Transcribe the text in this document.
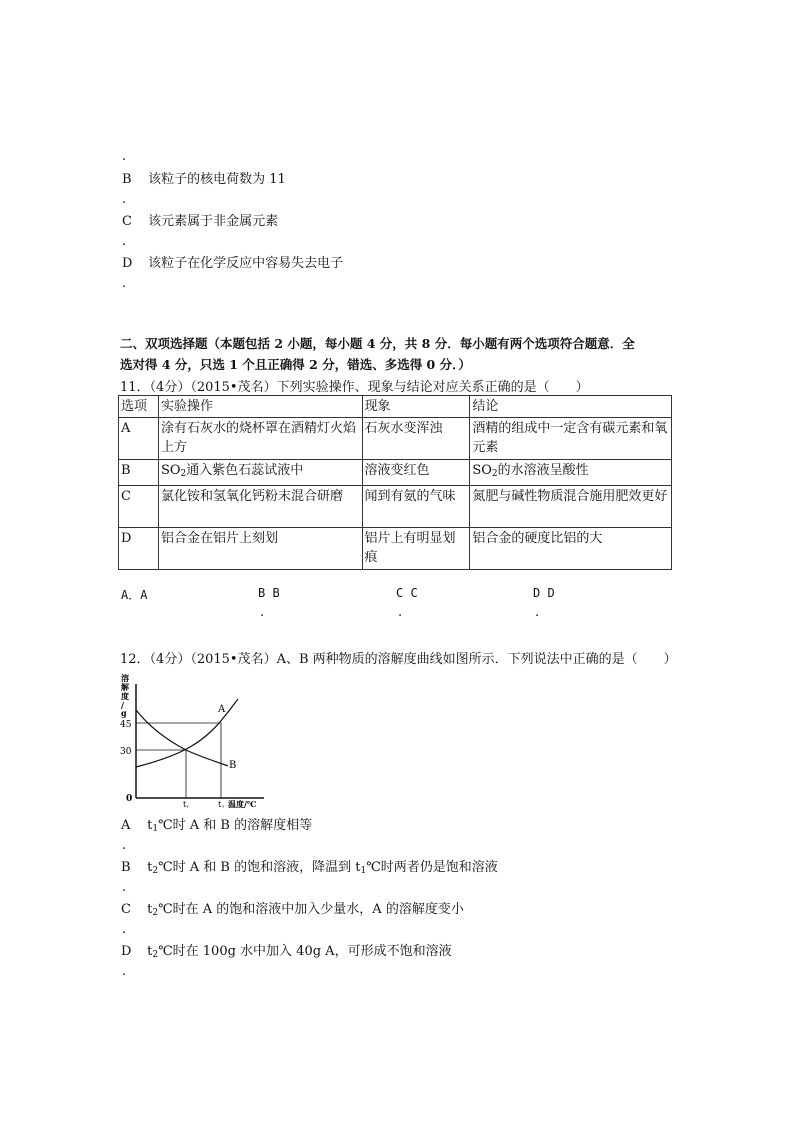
.
B 该粒子的核电荷数为 11
.
C 该元素属于非金属元素
.
D 该粒子在化学反应中容易失去电子
.
二、双项选择题（本题包括 2 小题，每小题 4 分，共 8 分．每小题有两个选项符合题意．全
选对得 4 分，只选 1 个且正确得 2 分，错选、多选得 0 分．）
11．（4分）（2015•茂名）下列实验操作、现象与结论对应关系正确的是（　　）
选项	实验操作	现象	结论
A	涂有石灰水的烧杯罩在酒精灯火焰上方	石灰水变浑浊	酒精的组成中一定含有碳元素和氧元素
B	$SO_2$通入紫色石蕊试液中	溶液变红色	$SO_2$的水溶液呈酸性
C	氯化铵和氢氧化钙粉末混合研磨	闻到有氨的气味	氮肥与碱性物质混合施用肥效更好
D	铝合金在铝片上刻划	铝片上有明显划痕	铝合金的硬度比铝的大
A．A	B B
.
C C
.
D D
.
12．（4分）（2015•茂名）A、B 两种物质的溶解度曲线如图所示．下列说法中正确的是（　　）
溶
解
度
/
g
45
30
0
$t_1$	$t_2$ 温度/℃
A
B
A $t_1℃$时 A 和 B 的溶解度相等
.
B $t_2℃$时 A 和 B 的饱和溶液，降温到 $t_1℃$时两者仍是饱和溶液
.
C $t_2℃$时在 A 的饱和溶液中加入少量水，A 的溶解度变小
.
D $t_2℃$时在 100g 水中加入 40g A，可形成不饱和溶液
.
